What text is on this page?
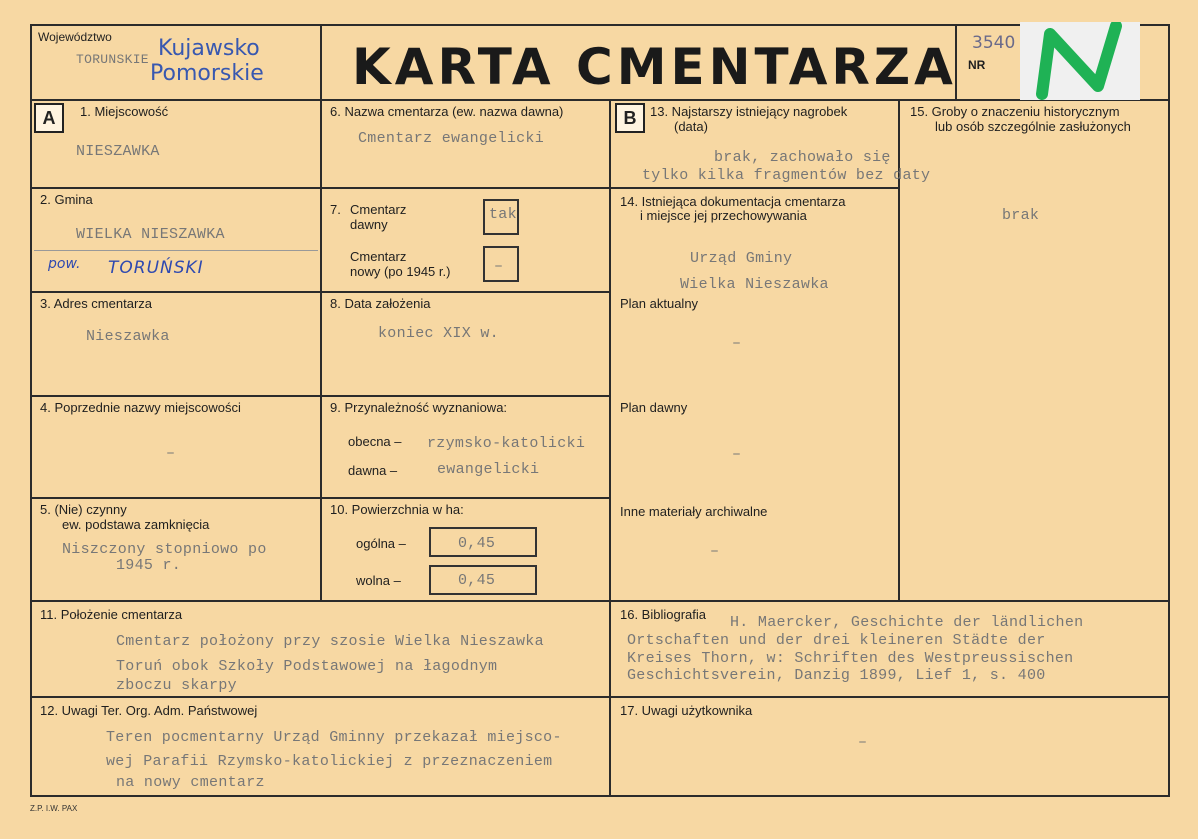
Województwo
TORUNSKIE Kujawsko
Pomorskie KARTA CMENTARZA 3540
NR
A	1. Miejscowość
NIESZAWKA
2. Gmina
WIELKA NIESZAWKA
pow. TORUŃSKI
3. Adres cmentarza
Nieszawka
4. Poprzednie nazwy miejscowości
–
5. (Nie) czynny
ew. podstawa zamknięcia
Niszczony stopniowo po
1945 r.
6. Nazwa cmentarza (ew. nazwa dawna)
Cmentarz ewangelicki
7. Cmentarz
dawny
tak
Cmentarz
nowy (po 1945 r.)	–
8. Data założenia
koniec XIX w.
9. Przynależność wyznaniowa:
obecna – rzymsko-katolicki
dawna –	ewangelicki
10. Powierzchnia w ha:
ogólna –	0,45
wolna –	0,45
11. Położenie cmentarza
Cmentarz położony przy szosie Wielka Nieszawka
Toruń obok Szkoły Podstawowej na łagodnym
zboczu skarpy
12. Uwagi Ter. Org. Adm. Państwowej
Teren pocmentarny Urząd Gminny przekazał miejsco-
wej Parafii Rzymsko-katolickiej z przeznaczeniem
na nowy cmentarz
B	13. Najstarszy istniejący nagrobek
(data)
brak, zachowało się
tylko kilka fragmentów bez daty
14. Istniejąca dokumentacja cmentarza
i miejsce jej przechowywania
Urząd Gminy
Wielka Nieszawka
Plan aktualny
–
Plan dawny
–
Inne materiały archiwalne
–
15. Groby o znaczeniu historycznym
lub osób szczególnie zasłużonych
brak
16. Bibliografia H. Maercker, Geschichte der ländlichen
Ortschaften und der drei kleineren Städte der
Kreises Thorn, w: Schriften des Westpreussischen
Geschichtsverein, Danzig 1899, Lief 1, s. 400
17. Uwagi użytkownika
–
Z.P. I.W. PAX
